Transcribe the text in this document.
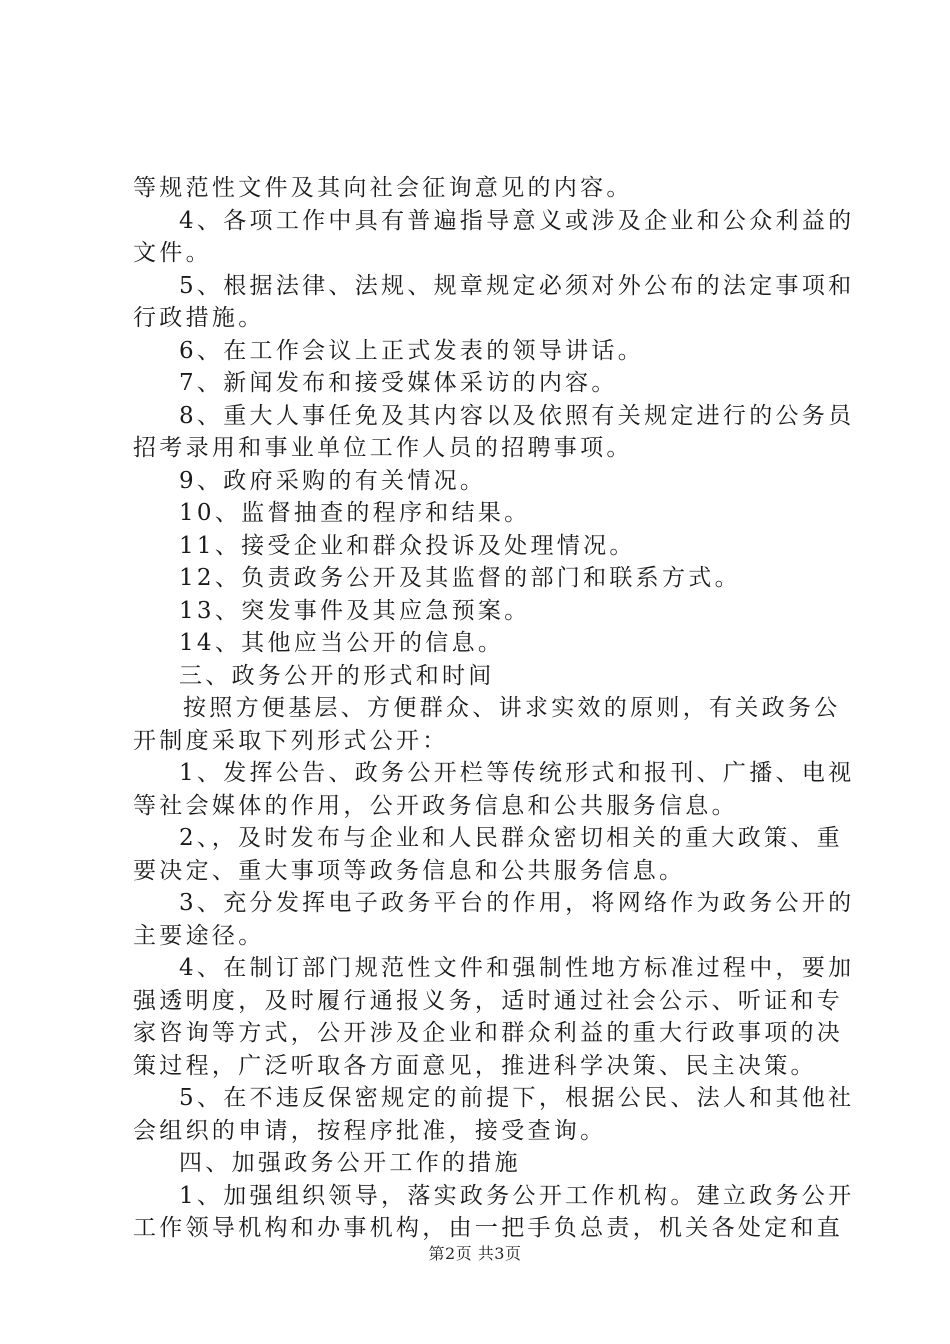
等规范性文件及其向社会征询意见的内容。
4、各项工作中具有普遍指导意义或涉及企业和公众利益的
文件。
5、根据法律、法规、规章规定必须对外公布的法定事项和
行政措施。
6、在工作会议上正式发表的领导讲话。
7、新闻发布和接受媒体采访的内容。
8、重大人事任免及其内容以及依照有关规定进行的公务员
招考录用和事业单位工作人员的招聘事项。
9、政府采购的有关情况。
10、监督抽查的程序和结果。
11、接受企业和群众投诉及处理情况。
12、负责政务公开及其监督的部门和联系方式。
13、突发事件及其应急预案。
14、其他应当公开的信息。
三、政务公开的形式和时间
按照方便基层、方便群众、讲求实效的原则，有关政务公
开制度采取下列形式公开：
1、发挥公告、政务公开栏等传统形式和报刊、广播、电视
等社会媒体的作用，公开政务信息和公共服务信息。
2、，及时发布与企业和人民群众密切相关的重大政策、重
要决定、重大事项等政务信息和公共服务信息。
3、充分发挥电子政务平台的作用，将网络作为政务公开的
主要途径。
4、在制订部门规范性文件和强制性地方标准过程中，要加
强透明度，及时履行通报义务，适时通过社会公示、听证和专
家咨询等方式，公开涉及企业和群众利益的重大行政事项的决
策过程，广泛听取各方面意见，推进科学决策、民主决策。
5、在不违反保密规定的前提下，根据公民、法人和其他社
会组织的申请，按程序批准，接受查询。
四、加强政务公开工作的措施
1、加强组织领导，落实政务公开工作机构。建立政务公开
工作领导机构和办事机构，由一把手负总责，机关各处定和直
第2页 共3页
